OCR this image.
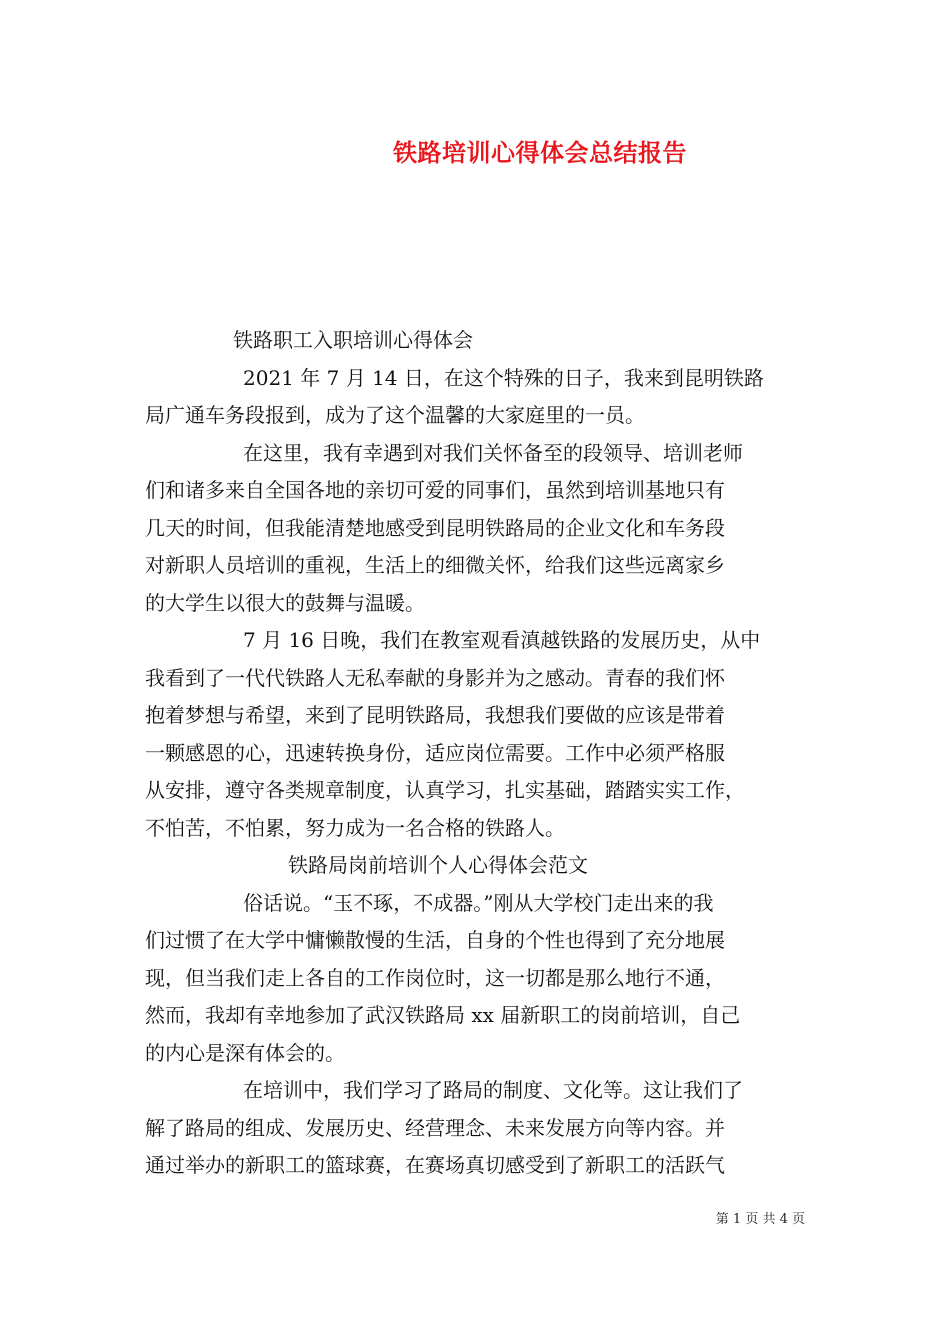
铁路培训心得体会总结报告
铁路职工入职培训心得体会
2021 年 7 月 14 日，在这个特殊的日子，我来到昆明铁路
局广通车务段报到，成为了这个温馨的大家庭里的一员。
在这里，我有幸遇到对我们关怀备至的段领导、培训老师
们和诸多来自全国各地的亲切可爱的同事们，虽然到培训基地只有
几天的时间，但我能清楚地感受到昆明铁路局的企业文化和车务段
对新职人员培训的重视，生活上的细微关怀，给我们这些远离家乡
的大学生以很大的鼓舞与温暖。
7 月 16 日晚，我们在教室观看滇越铁路的发展历史，从中
我看到了一代代铁路人无私奉献的身影并为之感动。青春的我们怀
抱着梦想与希望，来到了昆明铁路局，我想我们要做的应该是带着
一颗感恩的心，迅速转换身份，适应岗位需要。工作中必须严格服
从安排，遵守各类规章制度，认真学习，扎实基础，踏踏实实工作，
不怕苦，不怕累，努力成为一名合格的铁路人。
铁路局岗前培训个人心得体会范文
俗话说。“玉不琢，不成器。”刚从大学校门走出来的我
们过惯了在大学中慵懒散慢的生活，自身的个性也得到了充分地展
现，但当我们走上各自的工作岗位时，这一切都是那么地行不通，
然而，我却有幸地参加了武汉铁路局 xx 届新职工的岗前培训，自己
的内心是深有体会的。
在培训中，我们学习了路局的制度、文化等。这让我们了
解了路局的组成、发展历史、经营理念、未来发展方向等内容。并
通过举办的新职工的篮球赛，在赛场真切感受到了新职工的活跃气
第 1 页 共 4 页
